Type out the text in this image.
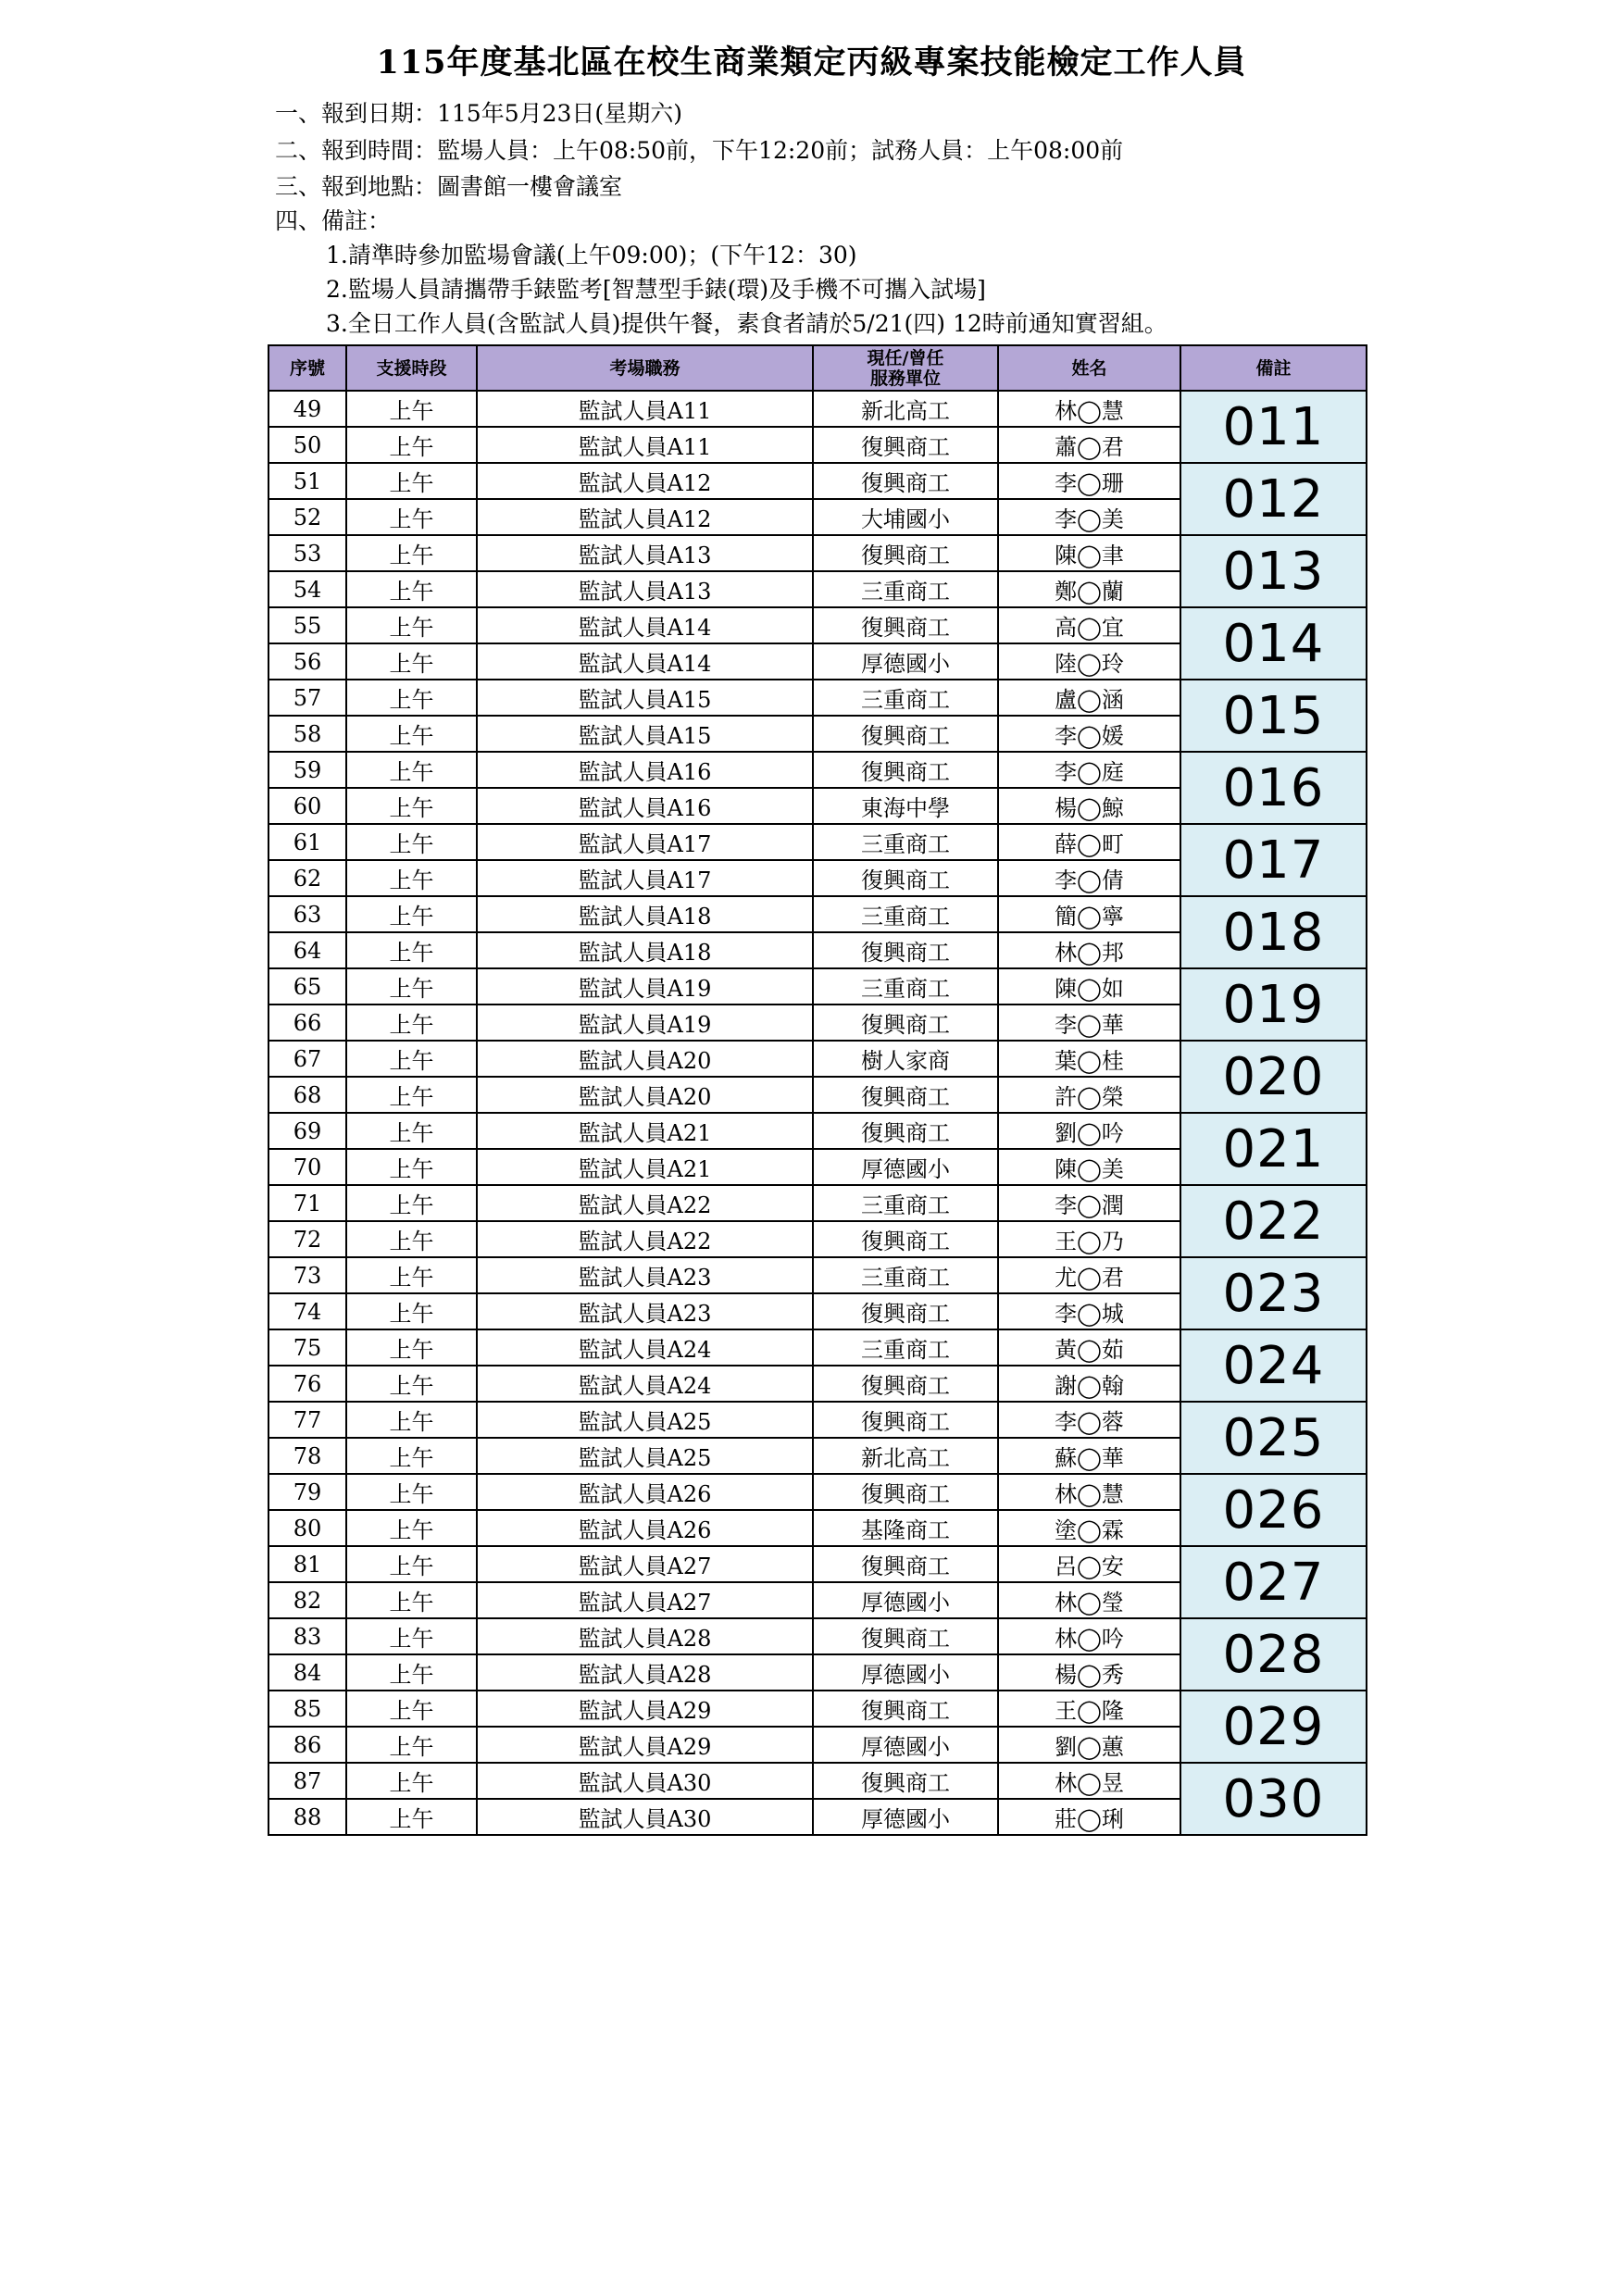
115年度基北區在校生商業類定丙級專案技能檢定工作人員
一、報到日期：115年5月23日(星期六)
二、報到時間：監場人員：上午08:50前，下午12:20前；試務人員：上午08:00前
三、報到地點：圖書館一樓會議室
四、備註：
1.請準時參加監場會議(上午09:00)；(下午12：30)
2.監場人員請攜帶手錶監考[智慧型手錶(環)及手機不可攜入試場]
3.全日工作人員(含監試人員)提供午餐，素食者請於5/21(四) 12時前通知實習組。
序號	支援時段	考場職務	現任/曾任
服務單位	姓名	備註
49	上午	監試人員A11	新北高工	林◯慧	011
50	上午	監試人員A11	復興商工	蕭◯君	
51	上午	監試人員A12	復興商工	李◯珊	012
52	上午	監試人員A12	大埔國小	李◯美	
53	上午	監試人員A13	復興商工	陳◯聿	013
54	上午	監試人員A13	三重商工	鄭◯蘭	
55	上午	監試人員A14	復興商工	高◯宜	014
56	上午	監試人員A14	厚德國小	陸◯玲	
57	上午	監試人員A15	三重商工	盧◯涵	015
58	上午	監試人員A15	復興商工	李◯媛	
59	上午	監試人員A16	復興商工	李◯庭	016
60	上午	監試人員A16	東海中學	楊◯鯨	
61	上午	監試人員A17	三重商工	薛◯町	017
62	上午	監試人員A17	復興商工	李◯倩	
63	上午	監試人員A18	三重商工	簡◯寧	018
64	上午	監試人員A18	復興商工	林◯邦	
65	上午	監試人員A19	三重商工	陳◯如	019
66	上午	監試人員A19	復興商工	李◯華	
67	上午	監試人員A20	樹人家商	葉◯桂	020
68	上午	監試人員A20	復興商工	許◯榮	
69	上午	監試人員A21	復興商工	劉◯吟	021
70	上午	監試人員A21	厚德國小	陳◯美	
71	上午	監試人員A22	三重商工	李◯潤	022
72	上午	監試人員A22	復興商工	王◯乃	
73	上午	監試人員A23	三重商工	尤◯君	023
74	上午	監試人員A23	復興商工	李◯城	
75	上午	監試人員A24	三重商工	黃◯茹	024
76	上午	監試人員A24	復興商工	謝◯翰	
77	上午	監試人員A25	復興商工	李◯蓉	025
78	上午	監試人員A25	新北高工	蘇◯華	
79	上午	監試人員A26	復興商工	林◯慧	026
80	上午	監試人員A26	基隆商工	塗◯霖	
81	上午	監試人員A27	復興商工	呂◯安	027
82	上午	監試人員A27	厚德國小	林◯瑩	
83	上午	監試人員A28	復興商工	林◯吟	028
84	上午	監試人員A28	厚德國小	楊◯秀	
85	上午	監試人員A29	復興商工	王◯隆	029
86	上午	監試人員A29	厚德國小	劉◯蕙	
87	上午	監試人員A30	復興商工	林◯昱	030
88	上午	監試人員A30	厚德國小	莊◯琍	
